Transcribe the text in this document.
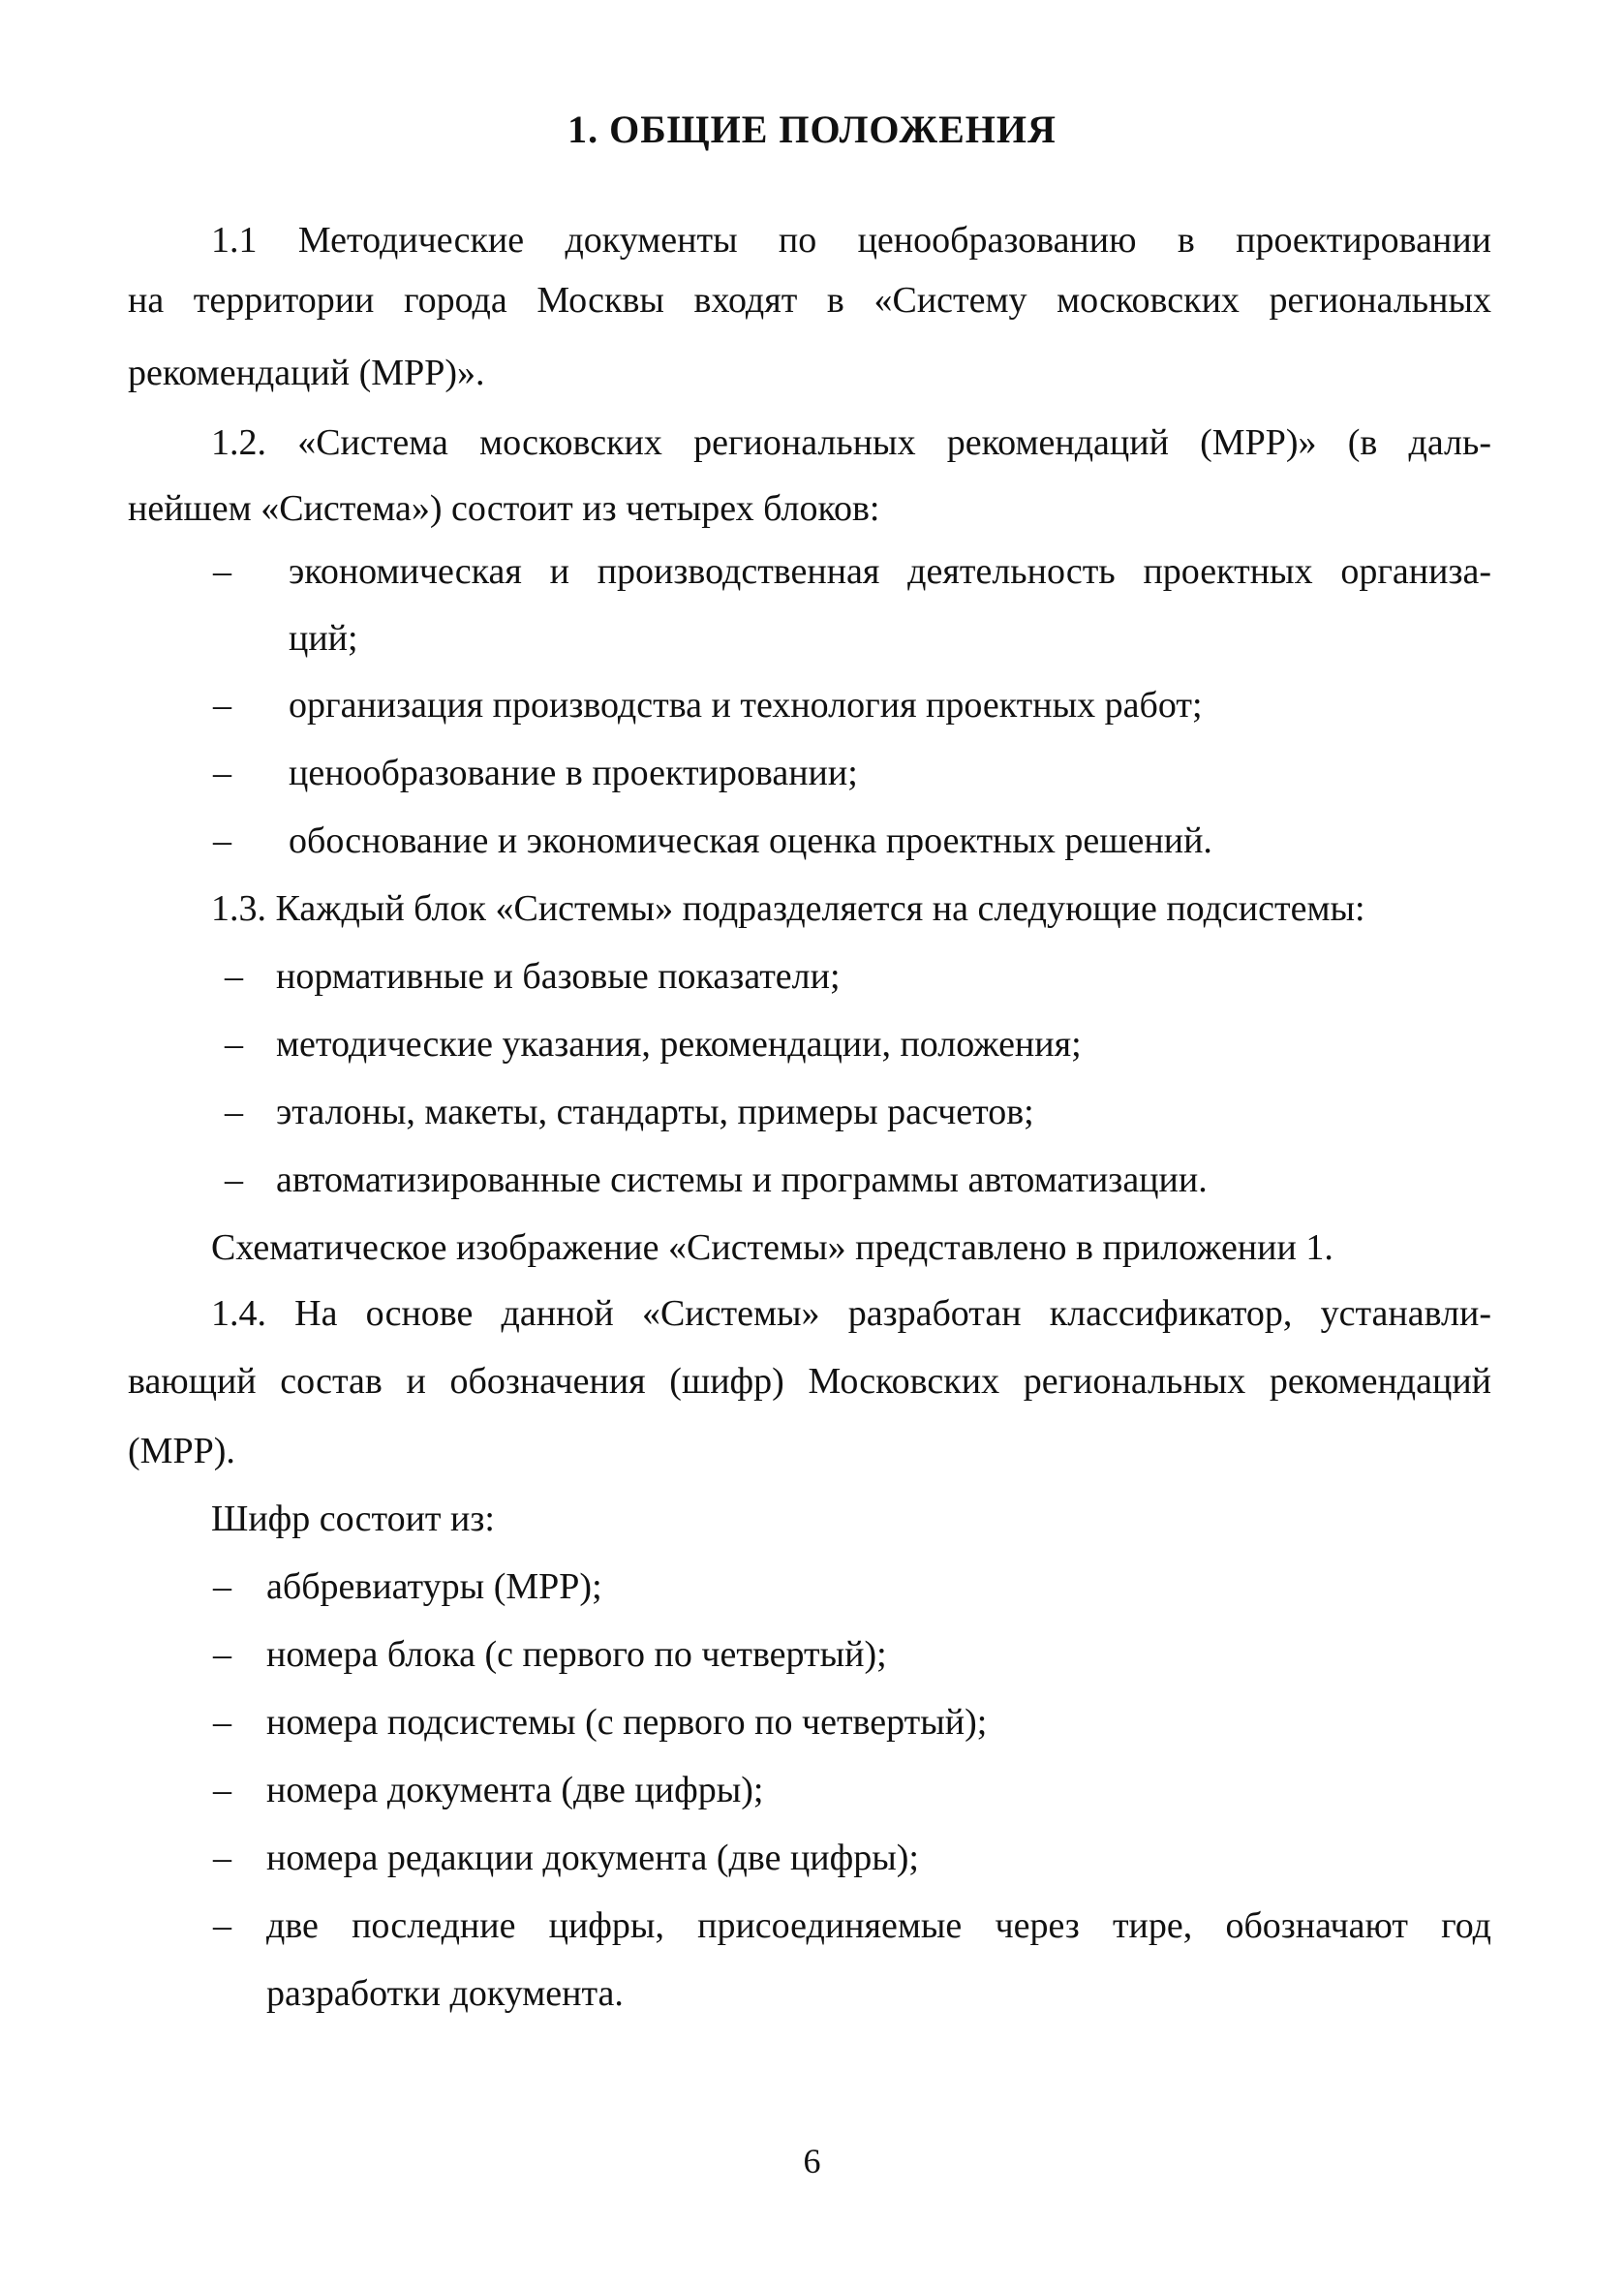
1. ОБЩИЕ ПОЛОЖЕНИЯ
1.1 Методические документы по ценообразованию в проектировании
на территории города Москвы входят в «Систему московских региональных
рекомендаций (МРР)».
1.2. «Система московских региональных рекомендаций (МРР)» (в даль-
нейшем «Система») состоит из четырех блоков:
– экономическая и производственная деятельность проектных организа-
ций;
– организация производства и технология проектных работ;
– ценообразование в проектировании;
– обоснование и экономическая оценка проектных решений.
1.3. Каждый блок «Системы» подразделяется на следующие подсистемы:
– нормативные и базовые показатели;
– методические указания, рекомендации, положения;
– эталоны, макеты, стандарты, примеры расчетов;
– автоматизированные системы и программы автоматизации.
Схематическое изображение «Системы» представлено в приложении 1.
1.4. На основе данной «Системы» разработан классификатор, устанавли-
вающий состав и обозначения (шифр) Московских региональных рекомендаций
(МРР).
Шифр состоит из:
– аббревиатуры (МРР);
– номера блока (с первого по четвертый);
– номера подсистемы (с первого по четвертый);
– номера документа (две цифры);
– номера редакции документа (две цифры);
– две последние цифры, присоединяемые через тире, обозначают год
разработки документа.
6
